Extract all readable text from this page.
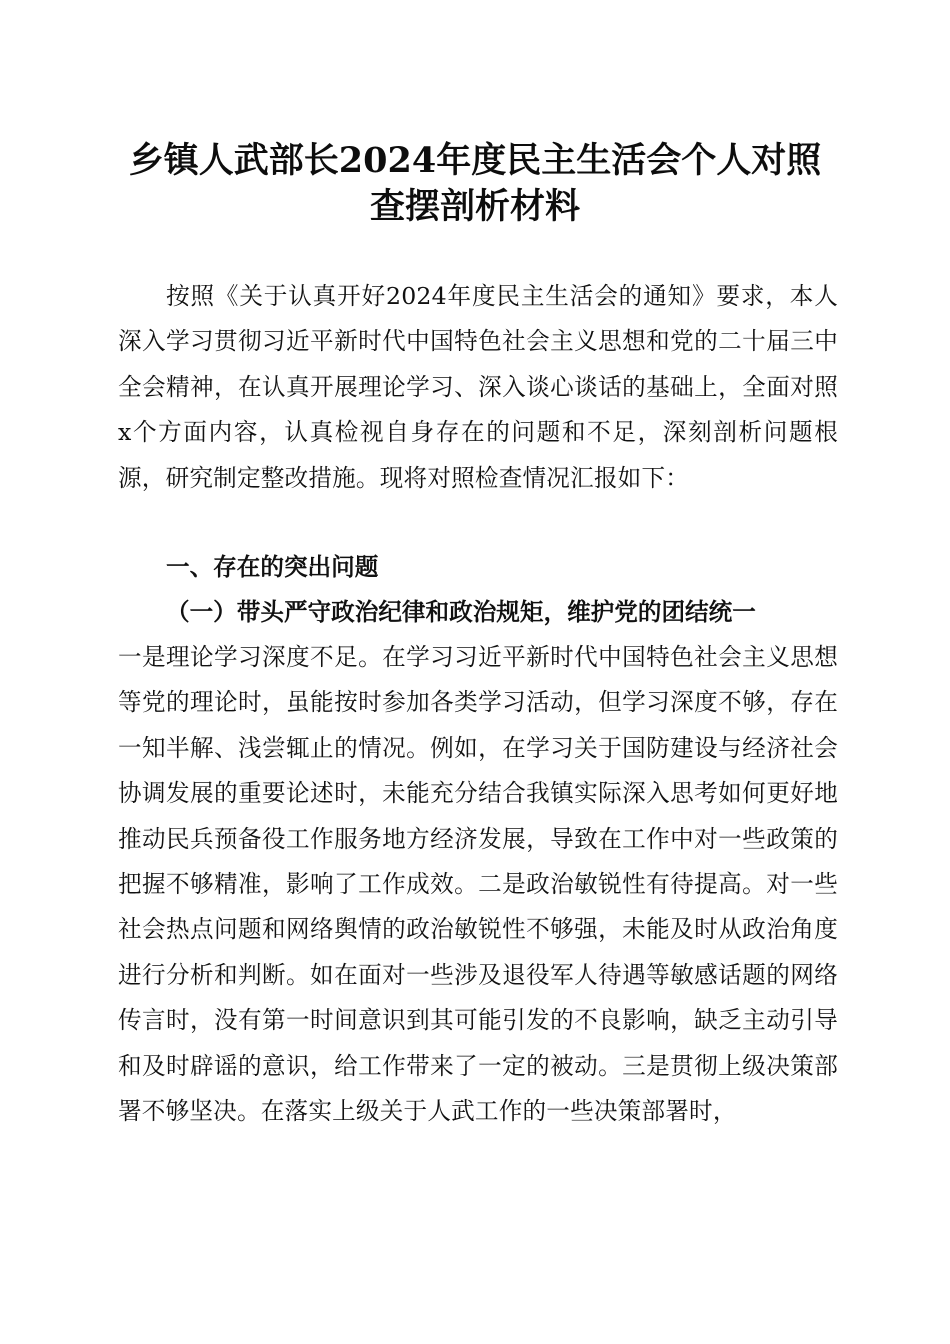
乡镇人武部长2024年度民主生活会个人对照
查摆剖析材料

按照《关于认真开好2024年度民主生活会的通知》要求，本人深入学习贯彻习近平新时代中国特色社会主义思想和党的二十届三中全会精神，在认真开展理论学习、深入谈心谈话的基础上，全面对照x个方面内容，认真检视自身存在的问题和不足，深刻剖析问题根源，研究制定整改措施。现将对照检查情况汇报如下：

一、存在的突出问题
（一）带头严守政治纪律和政治规矩，维护党的团结统一

一是理论学习深度不足。在学习习近平新时代中国特色社会主义思想等党的理论时，虽能按时参加各类学习活动，但学习深度不够，存在一知半解、浅尝辄止的情况。例如，在学习关于国防建设与经济社会协调发展的重要论述时，未能充分结合我镇实际深入思考如何更好地推动民兵预备役工作服务地方经济发展，导致在工作中对一些政策的把握不够精准，影响了工作成效。二是政治敏锐性有待提高。对一些社会热点问题和网络舆情的政治敏锐性不够强，未能及时从政治角度进行分析和判断。如在面对一些涉及退役军人待遇等敏感话题的网络传言时，没有第一时间意识到其可能引发的不良影响，缺乏主动引导和及时辟谣的意识，给工作带来了一定的被动。三是贯彻上级决策部署不够坚决。在落实上级关于人武工作的一些决策部署时，
